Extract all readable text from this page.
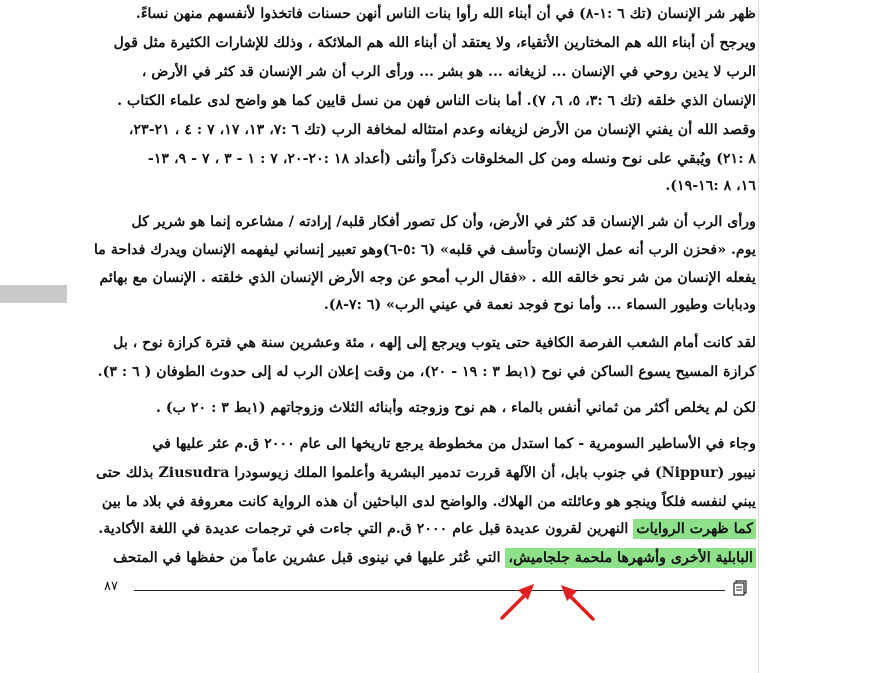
ظهر شر الإنسان (تك ٦ :١-٨) في أن أبناء الله رأوا بنات الناس أنهن حسنات فاتخذوا لأنفسهم منهن نساءً.
ويرجح أن أبناء الله هم المختارين الأتقياء، ولا يعتقد أن أبناء الله هم الملائكة ، وذلك للإشارات الكثيرة مثل قول
الرب لا يدين روحي في الإنسان ... لزيغانه ... هو بشر ... ورأى الرب أن شر الإنسان قد كثر في الأرض ،
الإنسان الذي خلقه (تك ٦ :٣، ٥، ٦، ٧). أما بنات الناس فهن من نسل قايين كما هو واضح لدى علماء الكتاب .
وقصد الله أن يفني الإنسان من الأرض لزيغانه وعدم امتثاله لمخافة الرب (تك ٦ :٧، ١٣، ١٧، ٧ : ٤ ، ٢١-٢٣،
٨ :٢١) ويُبقي على نوح ونسله ومن كل المخلوقات ذكراً وأنثى (أعداد ١٨ :٢٠-٢٠، ٧ : ١ - ٣ ، ٧ - ٩، ١٣-
١٦، ٨ :١٦-١٩).
ورأى الرب أن شر الإنسان قد كثر في الأرض، وأن كل تصور أفكار قلبه/ إرادته / مشاعره إنما هو شرير كل
يوم. «فحزن الرب أنه عمل الإنسان وتأسف في قلبه» (٦ :٥-٦)وهو تعبير إنساني ليفهمه الإنسان ويدرك فداحة ما
يفعله الإنسان من شر نحو خالقه الله . «فقال الرب أمحو عن وجه الأرض الإنسان الذي خلقته . الإنسان مع بهائم
ودبابات وطيور السماء ... وأما نوح فوجد نعمة في عيني الرب» (٦ :٧-٨).
لقد كانت أمام الشعب الفرصة الكافية حتى يتوب ويرجع إلى إلهه ، مئة وعشرين سنة هي فترة كرازة نوح ، بل
كرازة المسيح يسوع الساكن في نوح (١بط ٣ : ١٩ - ٢٠)، من وقت إعلان الرب له إلى حدوث الطوفان ( ٦ : ٣).
لكن لم يخلص أكثر من ثماني أنفس بالماء ، هم نوح وزوجته وأبنائه الثلاث وزوجاتهم (١بط ٣ : ٢٠ ب) .
وجاء في الأساطير السومرية - كما استدل من مخطوطة يرجع تاريخها الى عام ٢٠٠٠ ق.م عثر عليها في
نيبور (Nippur) في جنوب بابل، أن الآلهة قررت تدمير البشرية وأعلموا الملك زيوسودرا Ziusudra بذلك حتى
يبني لنفسه فلكاً وينجو هو وعائلته من الهلاك. والواضح لدى الباحثين أن هذه الرواية كانت معروفة في بلاد ما بين
كما ظهرت الروايات النهرين لقرون عديدة قبل عام ٢٠٠٠ ق.م التي جاءت في ترجمات عديدة في اللغة الأكادية.
البابلية الأخرى وأشهرها ملحمة جلجاميش، التي عُثر عليها في نينوى قبل عشرين عاماً من حفظها في المتحف
٨٧
